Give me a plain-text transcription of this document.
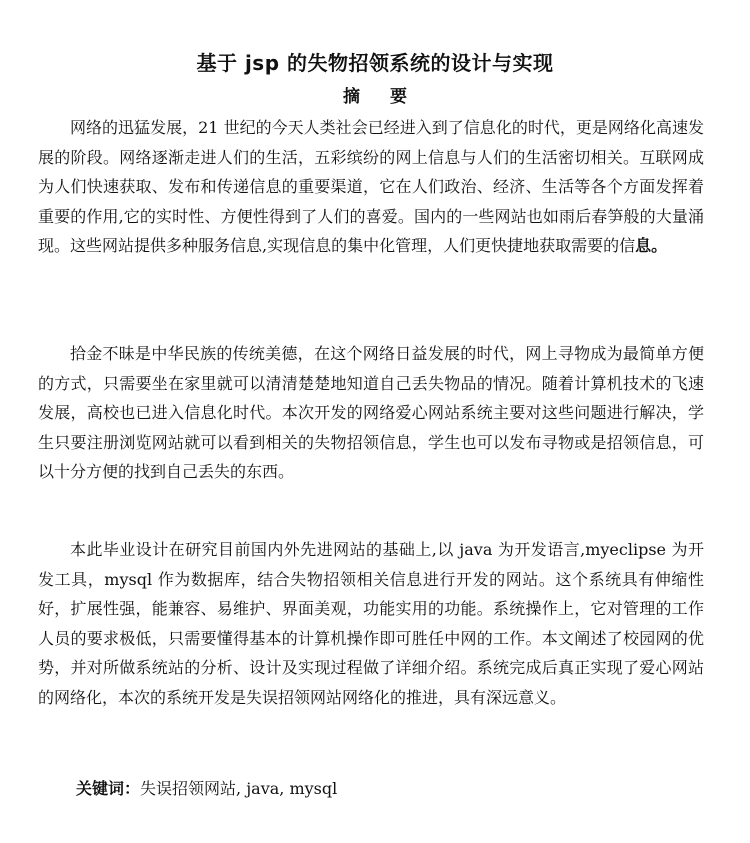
基于 jsp 的失物招领系统的设计与实现
摘 要

网络的迅猛发展，21 世纪的今天人类社会已经进入到了信息化的时代，更是网络化高速发展的阶段。网络逐渐走进人们的生活，五彩缤纷的网上信息与人们的生活密切相关。互联网成为人们快速获取、发布和传递信息的重要渠道，它在人们政治、经济、生活等各个方面发挥着重要的作用,它的实时性、方便性得到了人们的喜爱。国内的一些网站也如雨后春笋般的大量涌现。这些网站提供多种服务信息,实现信息的集中化管理，人们更快捷地获取需要的信息。

拾金不昧是中华民族的传统美德，在这个网络日益发展的时代，网上寻物成为最简单方便的方式，只需要坐在家里就可以清清楚楚地知道自己丢失物品的情况。随着计算机技术的飞速发展，高校也已进入信息化时代。本次开发的网络爱心网站系统主要对这些问题进行解决，学生只要注册浏览网站就可以看到相关的失物招领信息，学生也可以发布寻物或是招领信息，可以十分方便的找到自己丢失的东西。

本此毕业设计在研究目前国内外先进网站的基础上,以 java 为开发语言,myeclipse 为开发工具，mysql 作为数据库，结合失物招领相关信息进行开发的网站。这个系统具有伸缩性好，扩展性强，能兼容、易维护、界面美观，功能实用的功能。系统操作上，它对管理的工作人员的要求极低，只需要懂得基本的计算机操作即可胜任中网的工作。本文阐述了校园网的优势，并对所做系统站的分析、设计及实现过程做了详细介绍。系统完成后真正实现了爱心网站的网络化，本次的系统开发是失误招领网站网络化的推进，具有深远意义。

关键词：失误招领网站, java, mysql
